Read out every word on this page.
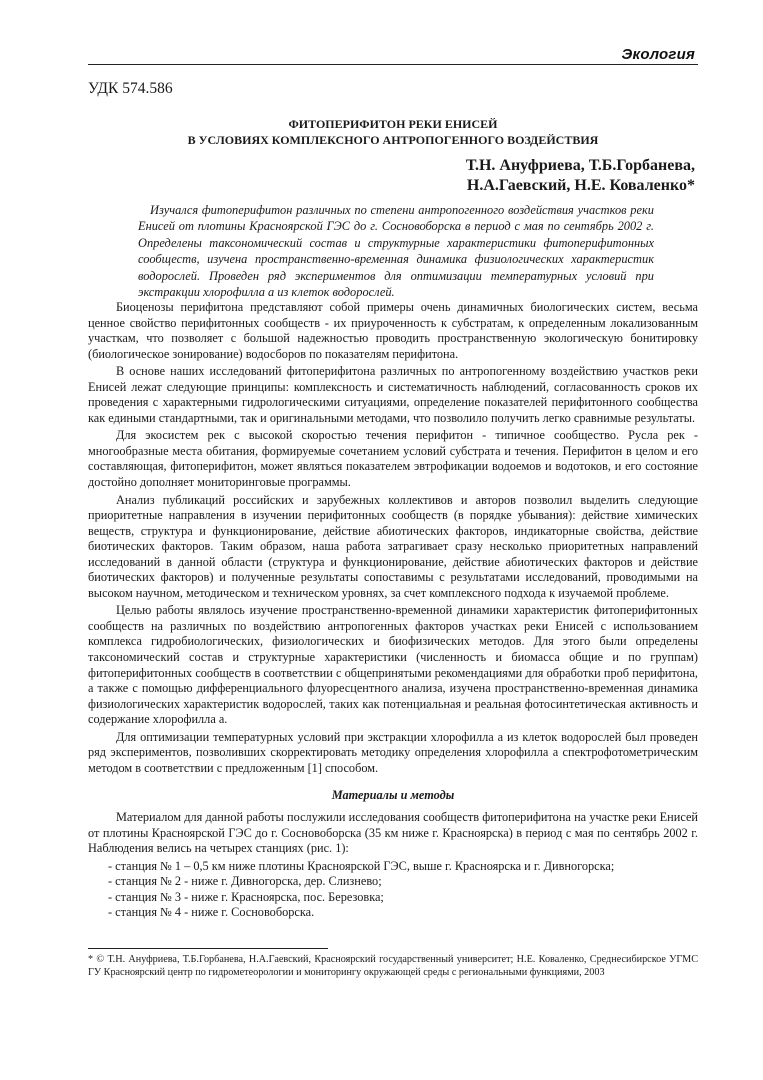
Экология
УДК 574.586
ФИТОПЕРИФИТОН РЕКИ ЕНИСЕЙ
В УСЛОВИЯХ КОМПЛЕКСНОГО АНТРОПОГЕННОГО ВОЗДЕЙСТВИЯ
Т.Н. Ануфриева, Т.Б.Горбанева,
Н.А.Гаевский, Н.Е. Коваленко*
Изучался фитоперифитон различных по степени антропогенного воздействия участков реки Енисей от плотины Красноярской ГЭС до г. Сосновоборска в период с мая по сентябрь 2002 г. Определены таксономический состав и структурные характеристики фитоперифитонных сообществ, изучена пространственно-временная динамика физиологических характеристик водорослей. Проведен ряд экспериментов для оптимизации температурных условий при экстракции хлорофилла a из клеток водорослей.

Биоценозы перифитона представляют собой примеры очень динамичных биологических систем, весьма ценное свойство перифитонных сообществ - их приуроченность к субстратам, к определенным локализованным участкам, что позволяет с большой надежностью проводить пространственную экологическую бонитировку (биологическое зонирование) водосборов по показателям перифитона.

В основе наших исследований фитоперифитона различных по антропогенному воздействию участков реки Енисей лежат следующие принципы: комплексность и систематичность наблюдений, согласованность сроков их проведения с характерными гидрологическими ситуациями, определение показателей перифитонного сообщества как едиными стандартными, так и оригинальными методами, что позволило получить легко сравнимые результаты.

Для экосистем рек с высокой скоростью течения перифитон - типичное сообщество. Русла рек - многообразные места обитания, формируемые сочетанием условий субстрата и течения. Перифитон в целом и его составляющая, фитоперифитон, может являться показателем эвтрофикации водоемов и водотоков, и его состояние достойно дополняет мониторинговые программы.

Анализ публикаций российских и зарубежных коллективов и авторов позволил выделить следующие приоритетные направления в изучении перифитонных сообществ (в порядке убывания): действие химических веществ, структура и функционирование, действие абиотических факторов, индикаторные свойства, действие биотических факторов. Таким образом, наша работа затрагивает сразу несколько приоритетных направлений исследований в данной области (структура и функционирование, действие абиотических факторов и действие биотических факторов) и полученные результаты сопоставимы с результатами исследований, проводимыми на высоком научном, методическом и техническом уровнях, за счет комплексного подхода к изучаемой проблеме.

Целью работы являлось изучение пространственно-временной динамики характеристик фитоперифитонных сообществ на различных по воздействию антропогенных факторов участках реки Енисей с использованием комплекса гидробиологических, физиологических и биофизических методов. Для этого были определены таксономический состав и структурные характеристики (численность и биомасса общие и по группам) фитоперифитонных сообществ в соответствии с общепринятыми рекомендациями для обработки проб перифитона, а также с помощью дифференциального флуоресцентного анализа, изучена пространственно-временная динамика физиологических характеристик водорослей, таких как потенциальная и реальная фотосинтетическая активность и содержание хлорофилла a.

Для оптимизации температурных условий при экстракции хлорофилла a из клеток водорослей был проведен ряд экспериментов, позволивших скорректировать методику определения хлорофилла a спектрофотометрическим методом в соответствии с предложенным [1] способом.

Материалы и методы

Материалом для данной работы послужили исследования сообществ фитоперифитона на участке реки Енисей от плотины Красноярской ГЭС до г. Сосновоборска (35 км ниже г. Красноярска) в период с мая по сентябрь 2002 г. Наблюдения велись на четырех станциях (рис. 1):

- станция № 1 – 0,5 км ниже плотины Красноярской ГЭС, выше г. Красноярска и г. Дивногорска;
- станция № 2 - ниже г. Дивногорска, дер. Слизнево;
- станция № 3 - ниже г. Красноярска, пос. Березовка;
- станция № 4 - ниже г. Сосновоборска.
* © Т.Н. Ануфриева, Т.Б.Горбанева, Н.А.Гаевский, Красноярский государственный университет; Н.Е. Коваленко, Среднесибирское УГМС ГУ Красноярский центр по гидрометеорологии и мониторингу окружающей среды с региональными функциями, 2003
